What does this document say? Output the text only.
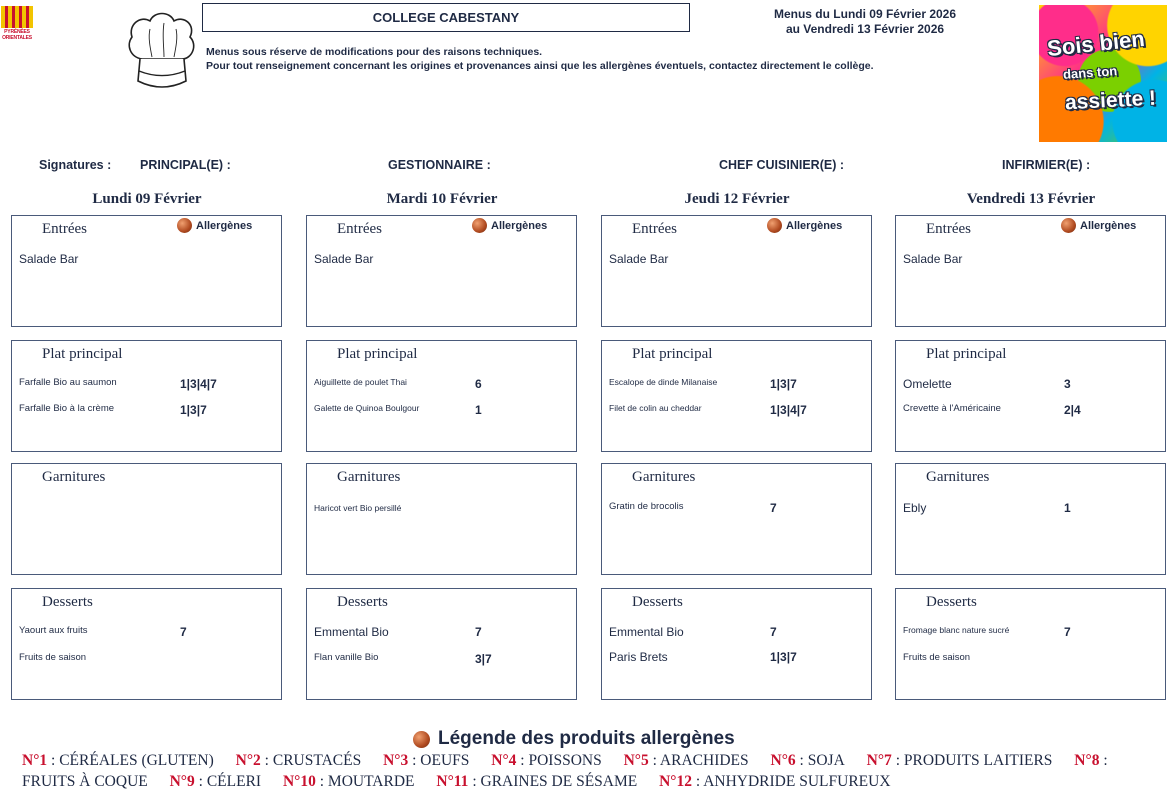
PYRÉNÉES ORIENTALES
COLLEGE CABESTANY
Menus sous réserve de modifications pour des raisons techniques.
Pour tout renseignement concernant les origines et provenances ainsi que les allergènes éventuels, contactez directement le collège.
Menus du Lundi 09 Février 2026
au Vendredi 13 Février 2026	Sois bien
dans ton
assiette !
Signatures : PRINCIPAL(E) :	GESTIONNAIRE :	CHEF CUISINIER(E) :	INFIRMIER(E) :
Lundi 09 Février
Entrées	Allergènes
Salade Bar
Plat principal
Farfalle Bio au saumon	1|3|4|7
Farfalle Bio à la crème	1|3|7
Garnitures
Desserts
Yaourt aux fruits	7
Fruits de saison
Mardi 10 Février
Entrées	Allergènes
Salade Bar
Plat principal
Aiguillette de poulet Thai	6
Galette de Quinoa Boulgour	1
Garnitures
Haricot vert Bio persillé
Desserts
Emmental Bio	7
Flan vanille Bio	3|7
Jeudi 12 Février
Entrées	Allergènes
Salade Bar
Plat principal
Escalope de dinde Milanaise	1|3|7
Filet de colin au cheddar	1|3|4|7
Garnitures
Gratin de brocolis	7
Desserts
Emmental Bio	7
Paris Brets	1|3|7
Vendredi 13 Février
Entrées	Allergènes
Salade Bar
Plat principal
Omelette	3
Crevette à l'Américaine	2|4
Garnitures
Ebly	1
Desserts
Fromage blanc nature sucré	7
Fruits de saison
Légende des produits allergènes
N°1 : CÉRÉALES (GLUTEN) N°2 : CRUSTACÉS N°3 : OEUFS N°4 : POISSONS N°5 : ARACHIDES N°6 : SOJA N°7 : PRODUITS LAITIERS N°8 : FRUITS À COQUE N°9 : CÉLERI N°10 : MOUTARDE N°11 : GRAINES DE SÉSAME N°12 : ANHYDRIDE SULFUREUX
